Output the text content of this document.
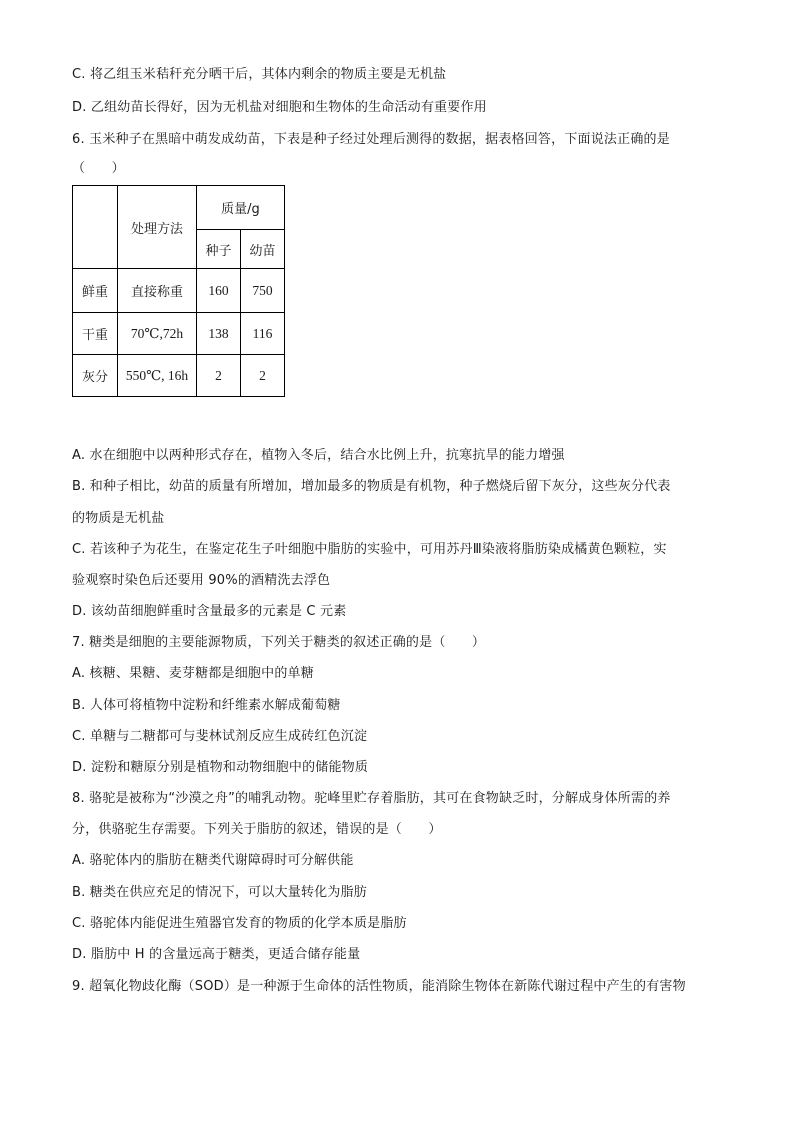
C. 将乙组玉米秸秆充分晒干后，其体内剩余的物质主要是无机盐
D. 乙组幼苗长得好，因为无机盐对细胞和生物体的生命活动有重要作用
6. 玉米种子在黑暗中萌发成幼苗，下表是种子经过处理后测得的数据，据表格回答，下面说法正确的是
（　　）
	处理方法	质量/g	
		种子	幼苗
鲜重	直接称重	160	750
干重	70℃,72h	138	116
灰分	550℃, 16h	2	2
A. 水在细胞中以两种形式存在，植物入冬后，结合水比例上升，抗寒抗旱的能力增强
B. 和种子相比，幼苗的质量有所增加，增加最多的物质是有机物，种子燃烧后留下灰分，这些灰分代表
的物质是无机盐
C. 若该种子为花生，在鉴定花生子叶细胞中脂肪的实验中，可用苏丹Ⅲ染液将脂肪染成橘黄色颗粒，实
验观察时染色后还要用 90%的酒精洗去浮色
D. 该幼苗细胞鲜重时含量最多的元素是 C 元素
7. 糖类是细胞的主要能源物质，下列关于糖类的叙述正确的是（　　）
A. 核糖、果糖、麦芽糖都是细胞中的单糖
B. 人体可将植物中淀粉和纤维素水解成葡萄糖
C. 单糖与二糖都可与斐林试剂反应生成砖红色沉淀
D. 淀粉和糖原分别是植物和动物细胞中的储能物质
8. 骆驼是被称为“沙漠之舟”的哺乳动物。驼峰里贮存着脂肪，其可在食物缺乏时，分解成身体所需的养
分，供骆驼生存需要。下列关于脂肪的叙述，错误的是（　　）
A. 骆驼体内的脂肪在糖类代谢障碍时可分解供能
B. 糖类在供应充足的情况下，可以大量转化为脂肪
C. 骆驼体内能促进生殖器官发育的物质的化学本质是脂肪
D. 脂肪中 H 的含量远高于糖类，更适合储存能量
9. 超氧化物歧化酶（SOD）是一种源于生命体的活性物质，能消除生物体在新陈代谢过程中产生的有害物
